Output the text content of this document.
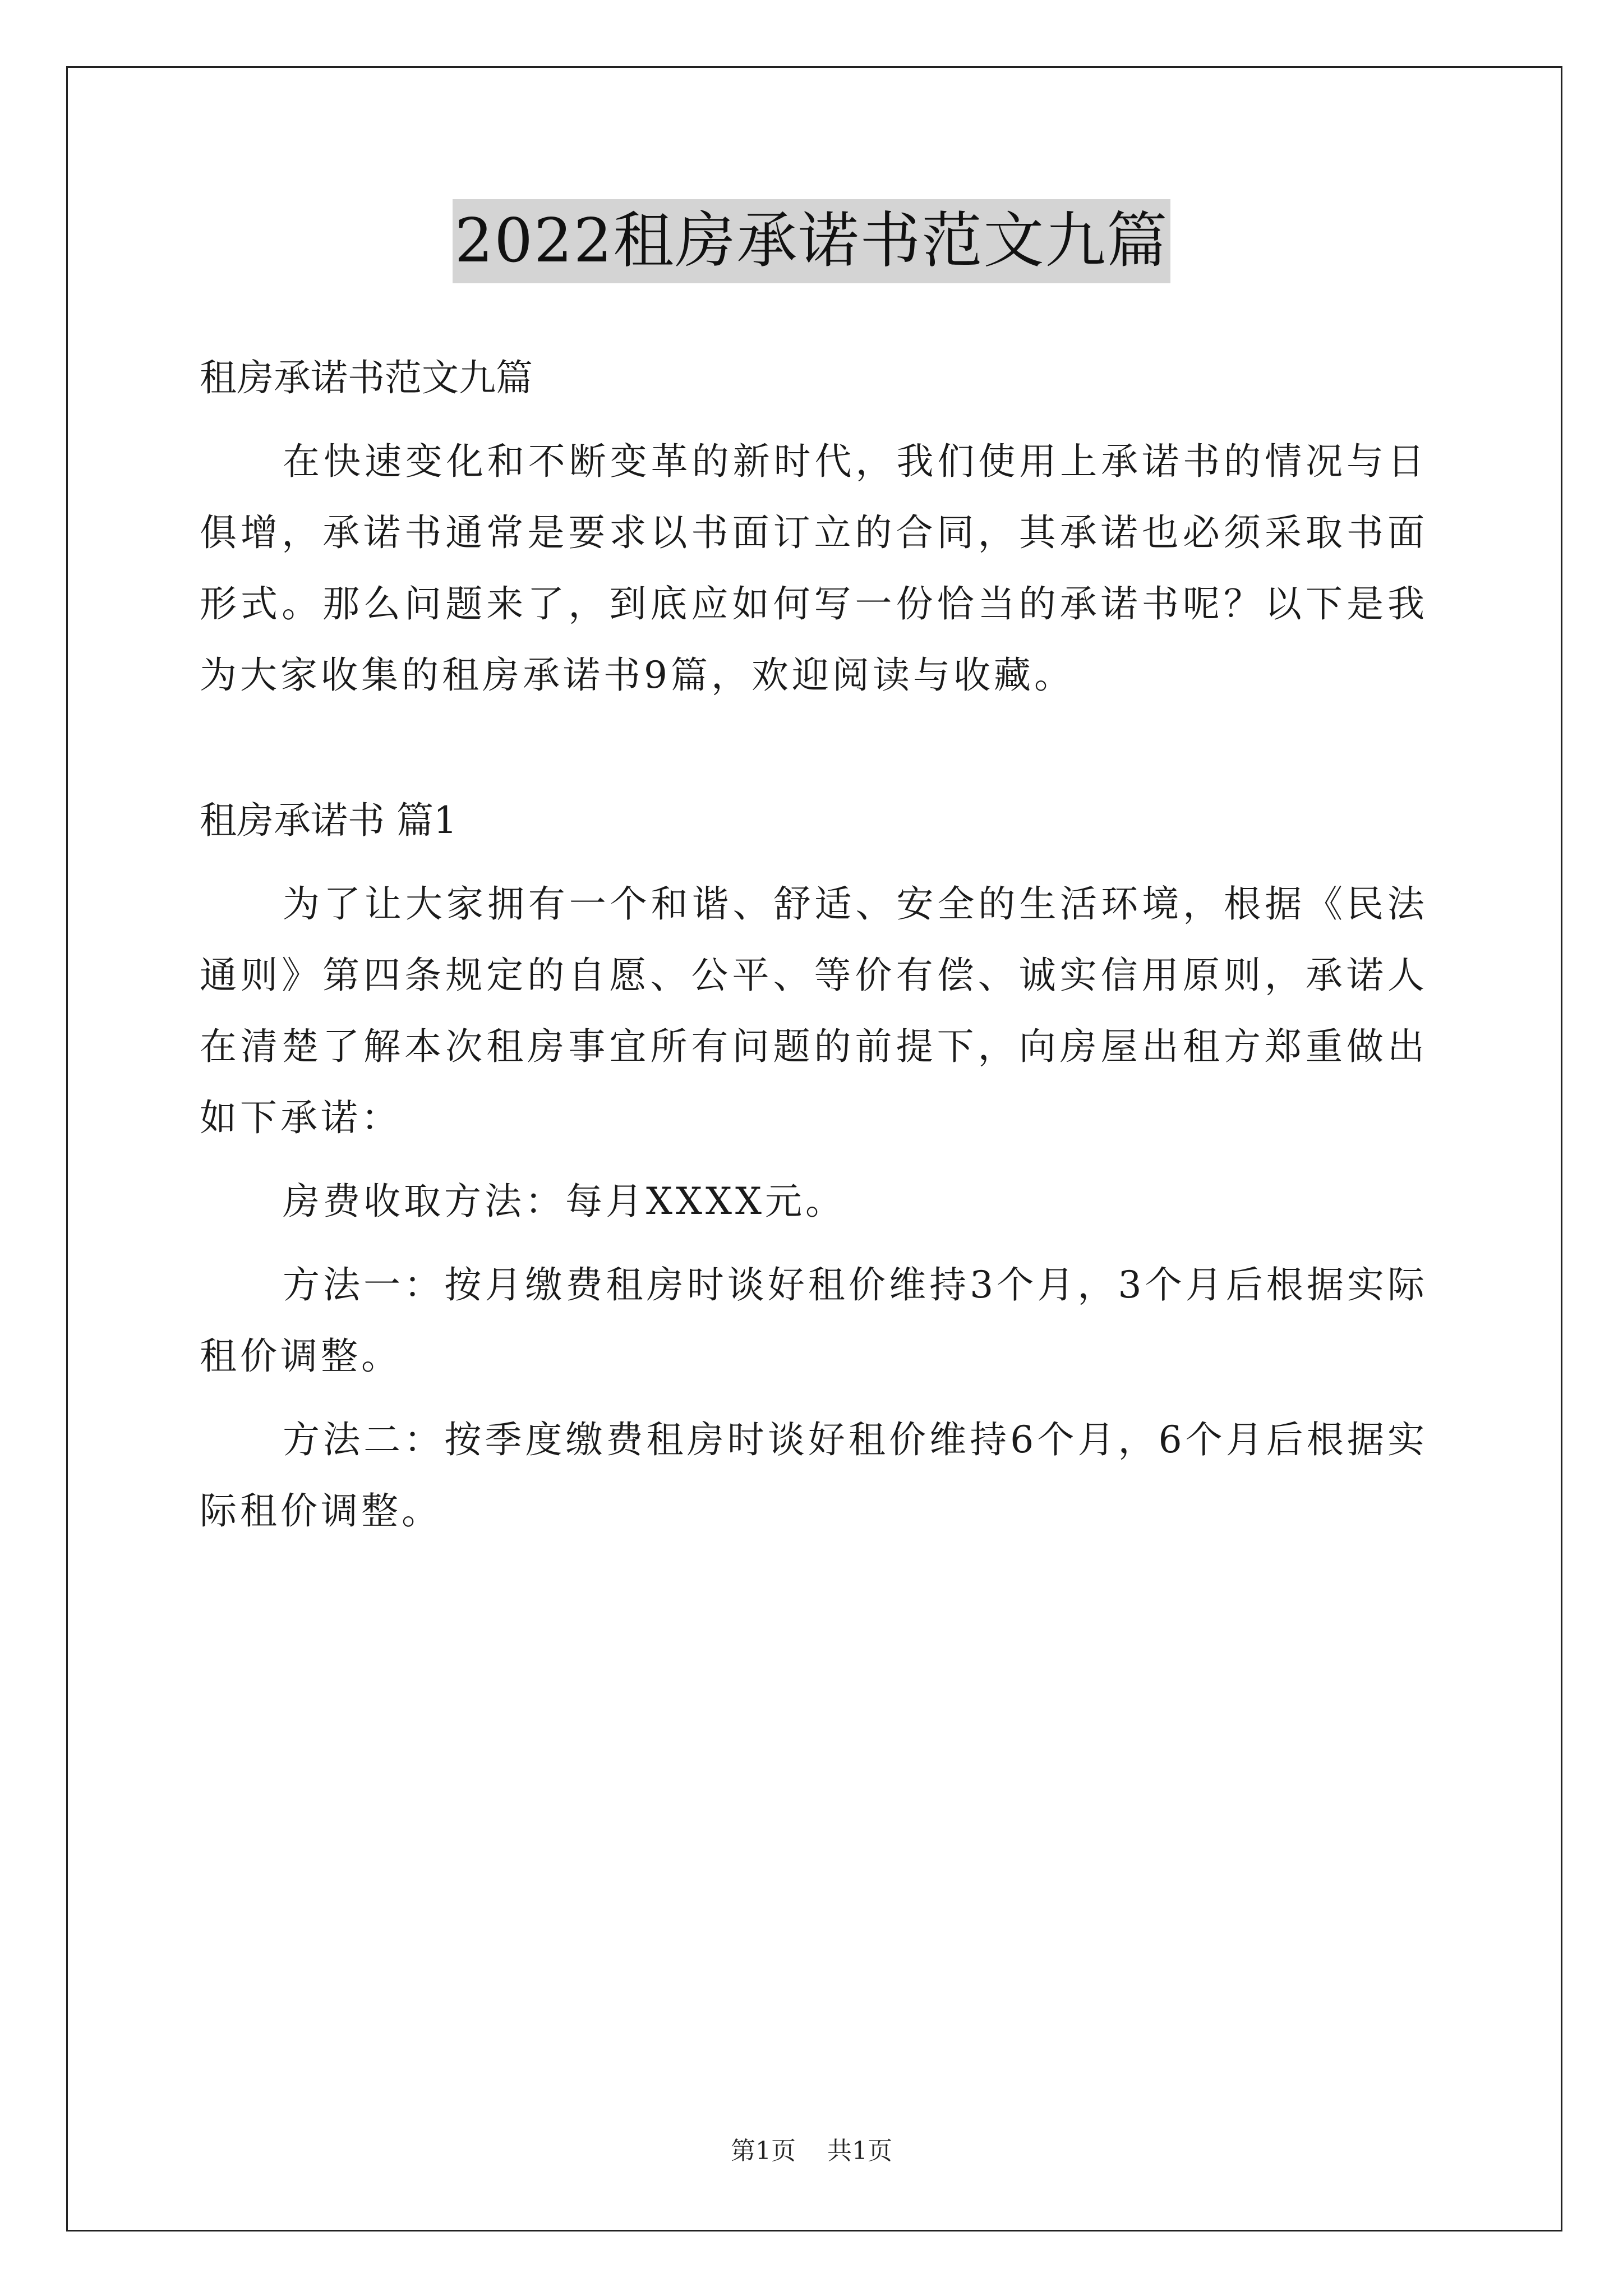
2022租房承诺书范文九篇

租房承诺书范文九篇

在快速变化和不断变革的新时代，我们使用上承诺书的情况与日俱增，承诺书通常是要求以书面订立的合同，其承诺也必须采取书面形式。那么问题来了，到底应如何写一份恰当的承诺书呢？以下是我为大家收集的租房承诺书9篇，欢迎阅读与收藏。

租房承诺书 篇1

为了让大家拥有一个和谐、舒适、安全的生活环境，根据《民法通则》第四条规定的自愿、公平、等价有偿、诚实信用原则，承诺人在清楚了解本次租房事宜所有问题的前提下，向房屋出租方郑重做出如下承诺：

房费收取方法：每月XXXX元。

方法一：按月缴费租房时谈好租价维持3个月，3个月后根据实际租价调整。

方法二：按季度缴费租房时谈好租价维持6个月，6个月后根据实际租价调整。

第1页 共1页
